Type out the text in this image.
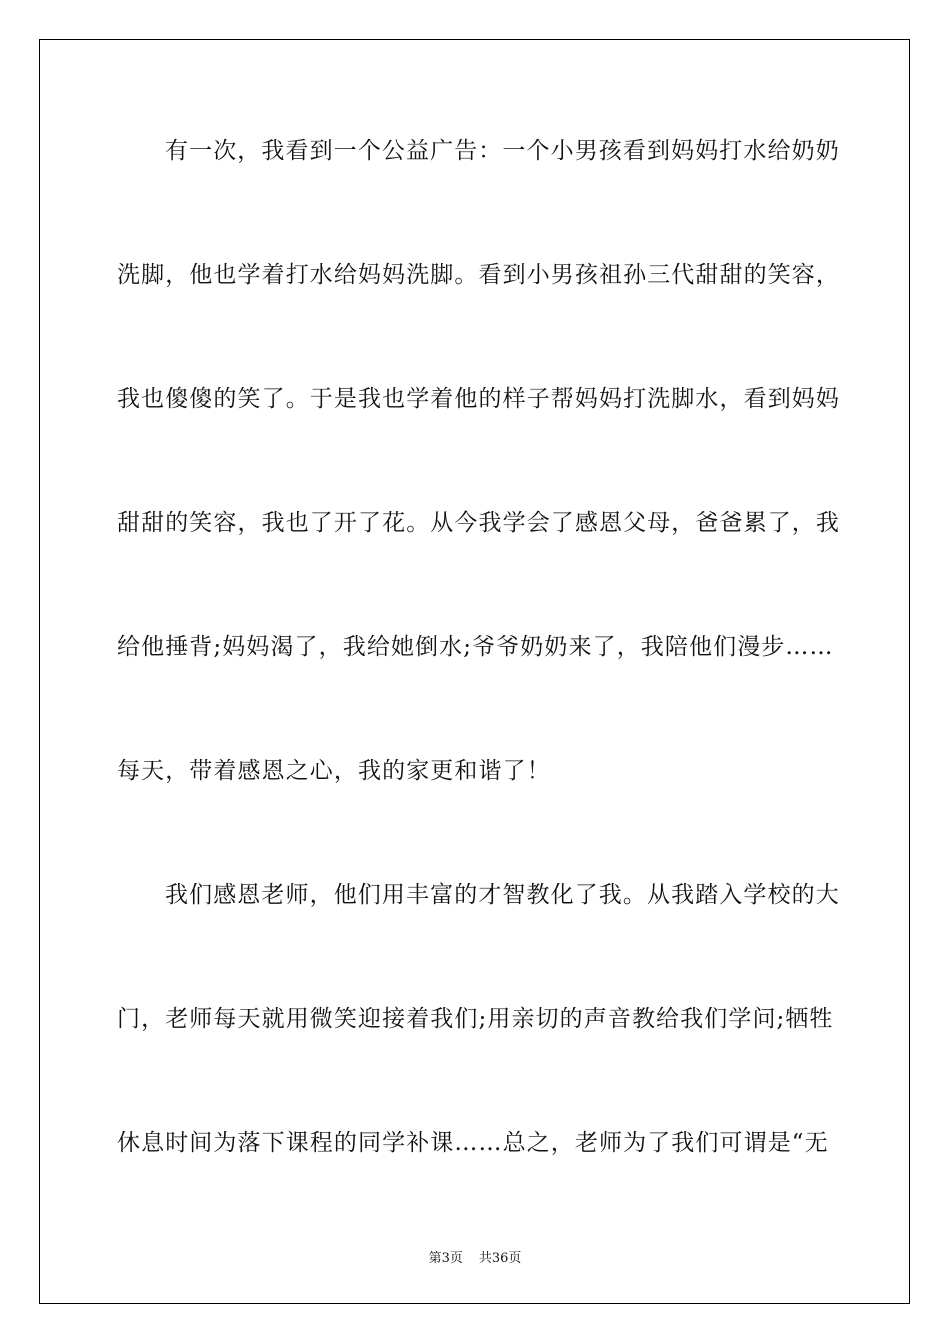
有一次，我看到一个公益广告：一个小男孩看到妈妈打水给奶奶
洗脚，他也学着打水给妈妈洗脚。看到小男孩祖孙三代甜甜的笑容，
我也傻傻的笑了。于是我也学着他的样子帮妈妈打洗脚水，看到妈妈
甜甜的笑容，我也了开了花。从今我学会了感恩父母，爸爸累了，我
给他捶背;妈妈渴了，我给她倒水;爷爷奶奶来了，我陪他们漫步……
每天，带着感恩之心，我的家更和谐了！
我们感恩老师，他们用丰富的才智教化了我。从我踏入学校的大
门，老师每天就用微笑迎接着我们;用亲切的声音教给我们学问;牺牲
休息时间为落下课程的同学补课……总之，老师为了我们可谓是“无
第3页 共36页
